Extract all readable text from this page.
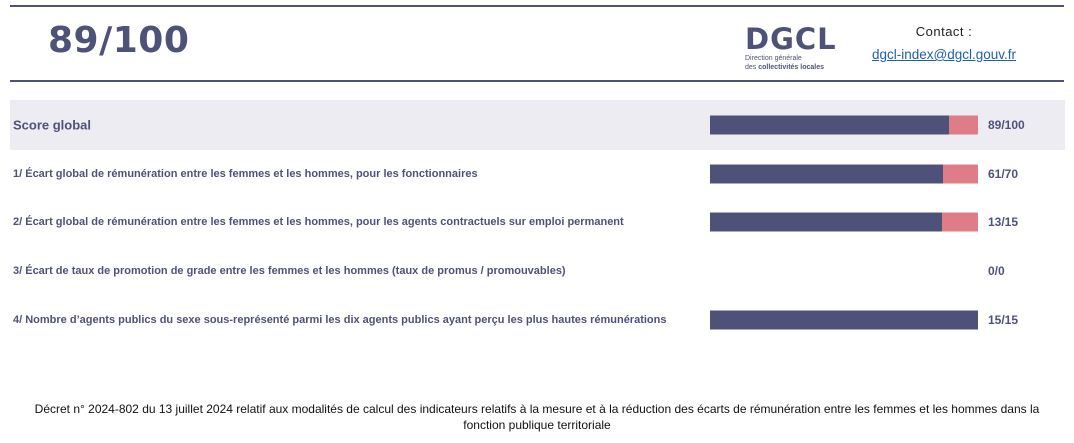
89/100	DGCL
Direction générale
des collectivités locales
Contact :
dgcl-index@dgcl.gouv.fr
Score global	89/100
1/ Écart global de rémunération entre les femmes et les hommes, pour les fonctionnaires	61/70
2/ Écart global de rémunération entre les femmes et les hommes, pour les agents contractuels sur emploi permanent	13/15
3/ Écart de taux de promotion de grade entre les femmes et les hommes (taux de promus / promouvables)	0/0
4/ Nombre d’agents publics du sexe sous-représenté parmi les dix agents publics ayant perçu les plus hautes rémunérations	15/15
Décret n° 2024-802 du 13 juillet 2024 relatif aux modalités de calcul des indicateurs relatifs à la mesure et à la réduction des écarts de rémunération entre les femmes et les hommes dans la fonction publique territoriale
